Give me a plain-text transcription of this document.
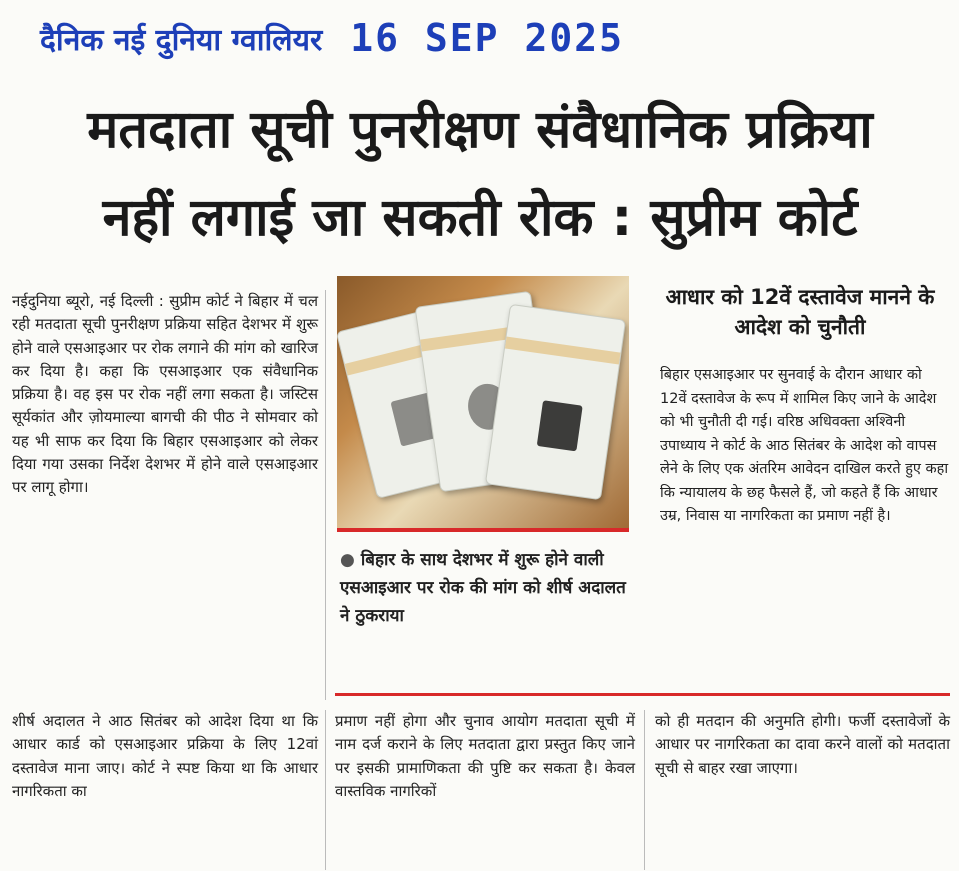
दैनिक नई दुनिया ग्वालियर 16 SEP 2025
मतदाता सूची पुनरीक्षण संवैधानिक प्रक्रिया
नहीं लगाई जा सकती रोक : सुप्रीम कोर्ट
नईदुनिया ब्यूरो, नई दिल्ली : सुप्रीम कोर्ट ने बिहार में चल रही मतदाता सूची पुनरीक्षण प्रक्रिया सहित देशभर में शुरू होने वाले एसआइआर पर रोक लगाने की मांग को खारिज कर दिया है। कहा कि एसआइआर एक संवैधानिक प्रक्रिया है। वह इस पर रोक नहीं लगा सकता है। जस्टिस सूर्यकांत और ज़ोयमाल्या बागची की पीठ ने सोमवार को यह भी साफ कर दिया कि बिहार एसआइआर को लेकर दिया गया उसका निर्देश देशभर में होने वाले एसआइआर पर लागू होगा।
● बिहार के साथ देशभर में शुरू होने वाली एसआइआर पर रोक की मांग को शीर्ष अदालत ने ठुकराया
आधार को 12वें दस्तावेज मानने के आदेश को चुनौती
बिहार एसआइआर पर सुनवाई के दौरान आधार को 12वें दस्तावेज के रूप में शामिल किए जाने के आदेश को भी चुनौती दी गई। वरिष्ठ अधिवक्ता अश्विनी उपाध्याय ने कोर्ट के आठ सितंबर के आदेश को वापस लेने के लिए एक अंतरिम आवेदन दाखिल करते हुए कहा कि न्यायालय के छह फैसले हैं, जो कहते हैं कि आधार उम्र, निवास या नागरिकता का प्रमाण नहीं है।
शीर्ष अदालत ने आठ सितंबर को आदेश दिया था कि आधार कार्ड को एसआइआर प्रक्रिया के लिए 12वां दस्तावेज माना जाए। कोर्ट ने स्पष्ट किया था कि आधार नागरिकता का
प्रमाण नहीं होगा और चुनाव आयोग मतदाता सूची में नाम दर्ज कराने के लिए मतदाता द्वारा प्रस्तुत किए जाने पर इसकी प्रामाणिकता की पुष्टि कर सकता है। केवल वास्तविक नागरिकों
को ही मतदान की अनुमति होगी। फर्जी दस्तावेजों के आधार पर नागरिकता का दावा करने वालों को मतदाता सूची से बाहर रखा जाएगा।
